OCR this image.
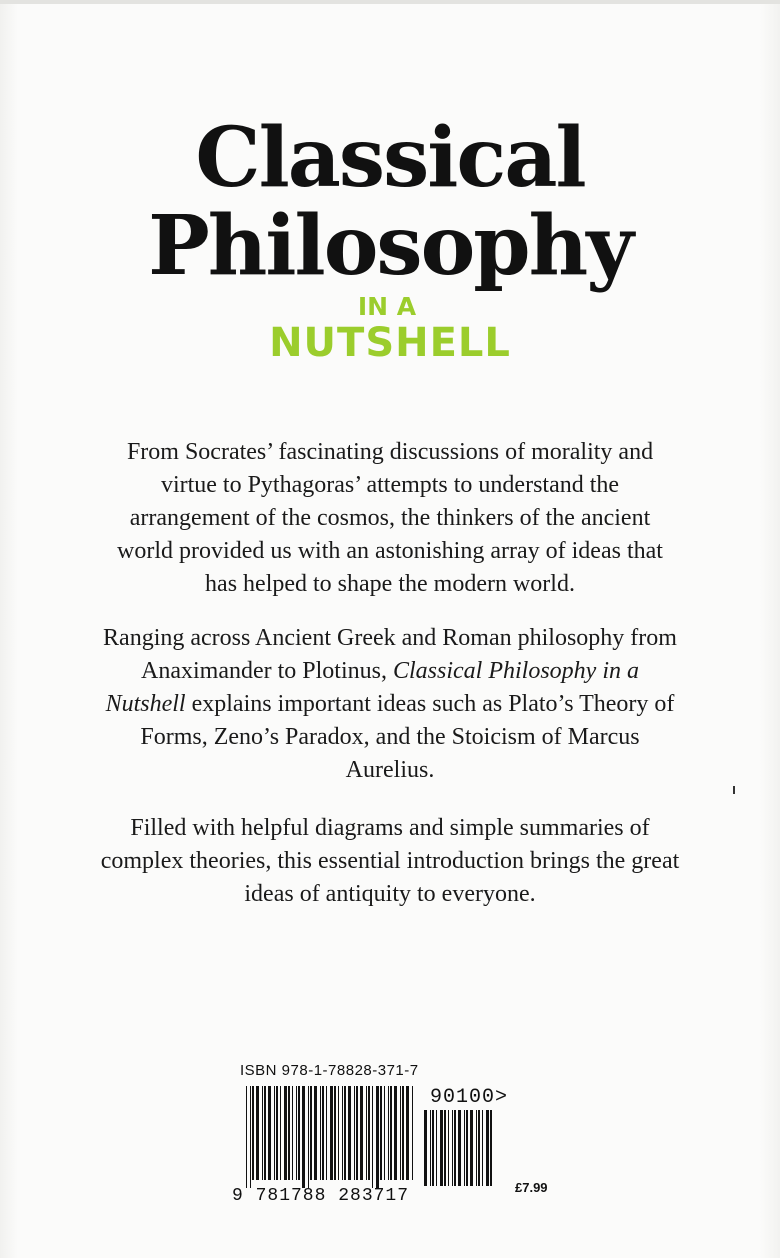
Classical
Philosophy

IN A

NUTSHELL

From Socrates’ fascinating discussions of morality and virtue to Pythagoras’ attempts to understand the arrangement of the cosmos, the thinkers of the ancient world provided us with an astonishing array of ideas that has helped to shape the modern world.

Ranging across Ancient Greek and Roman philosophy from Anaximander to Plotinus, Classical Philosophy in a Nutshell explains important ideas such as Plato’s Theory of Forms, Zeno’s Paradox, and the Stoicism of Marcus Aurelius.

Filled with helpful diagrams and simple summaries of complex theories, this essential introduction brings the great ideas of antiquity to everyone.

ISBN 978-1-78828-371-7

90100>

9 781788 283717	£7.99
